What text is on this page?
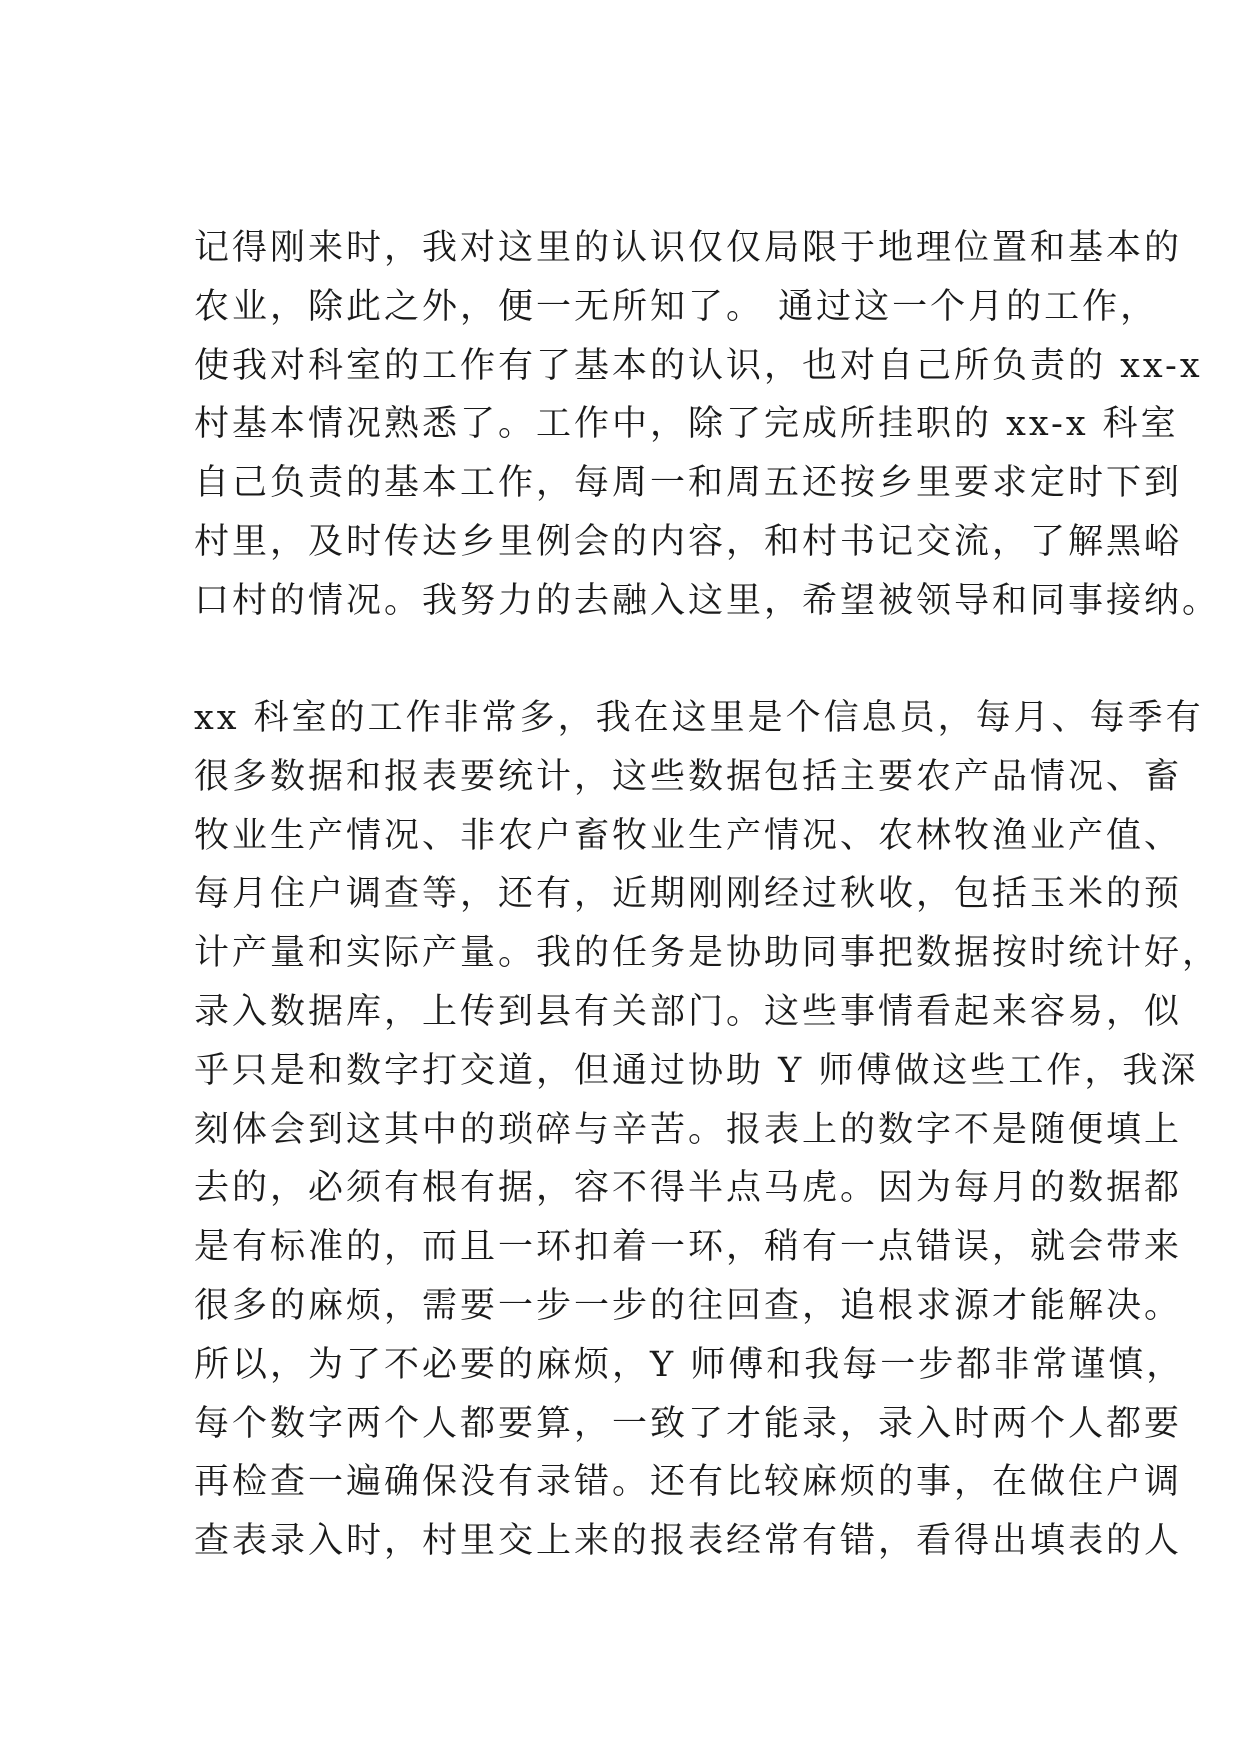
记得刚来时，我对这里的认识仅仅局限于地理位置和基本的
农业，除此之外，便一无所知了。 通过这一个月的工作，
使我对科室的工作有了基本的认识，也对自己所负责的 xx-x
村基本情况熟悉了。工作中，除了完成所挂职的 xx-x 科室
自己负责的基本工作，每周一和周五还按乡里要求定时下到
村里，及时传达乡里例会的内容，和村书记交流，了解黑峪
口村的情况。我努力的去融入这里，希望被领导和同事接纳。
xx 科室的工作非常多，我在这里是个信息员，每月、每季有
很多数据和报表要统计，这些数据包括主要农产品情况、畜
牧业生产情况、非农户畜牧业生产情况、农林牧渔业产值、
每月住户调查等，还有，近期刚刚经过秋收，包括玉米的预
计产量和实际产量。我的任务是协助同事把数据按时统计好，
录入数据库，上传到县有关部门。这些事情看起来容易，似
乎只是和数字打交道，但通过协助 Y 师傅做这些工作，我深
刻体会到这其中的琐碎与辛苦。报表上的数字不是随便填上
去的，必须有根有据，容不得半点马虎。因为每月的数据都
是有标准的，而且一环扣着一环，稍有一点错误，就会带来
很多的麻烦，需要一步一步的往回查，追根求源才能解决。
所以，为了不必要的麻烦，Y 师傅和我每一步都非常谨慎，
每个数字两个人都要算，一致了才能录，录入时两个人都要
再检查一遍确保没有录错。还有比较麻烦的事，在做住户调
查表录入时，村里交上来的报表经常有错，看得出填表的人
